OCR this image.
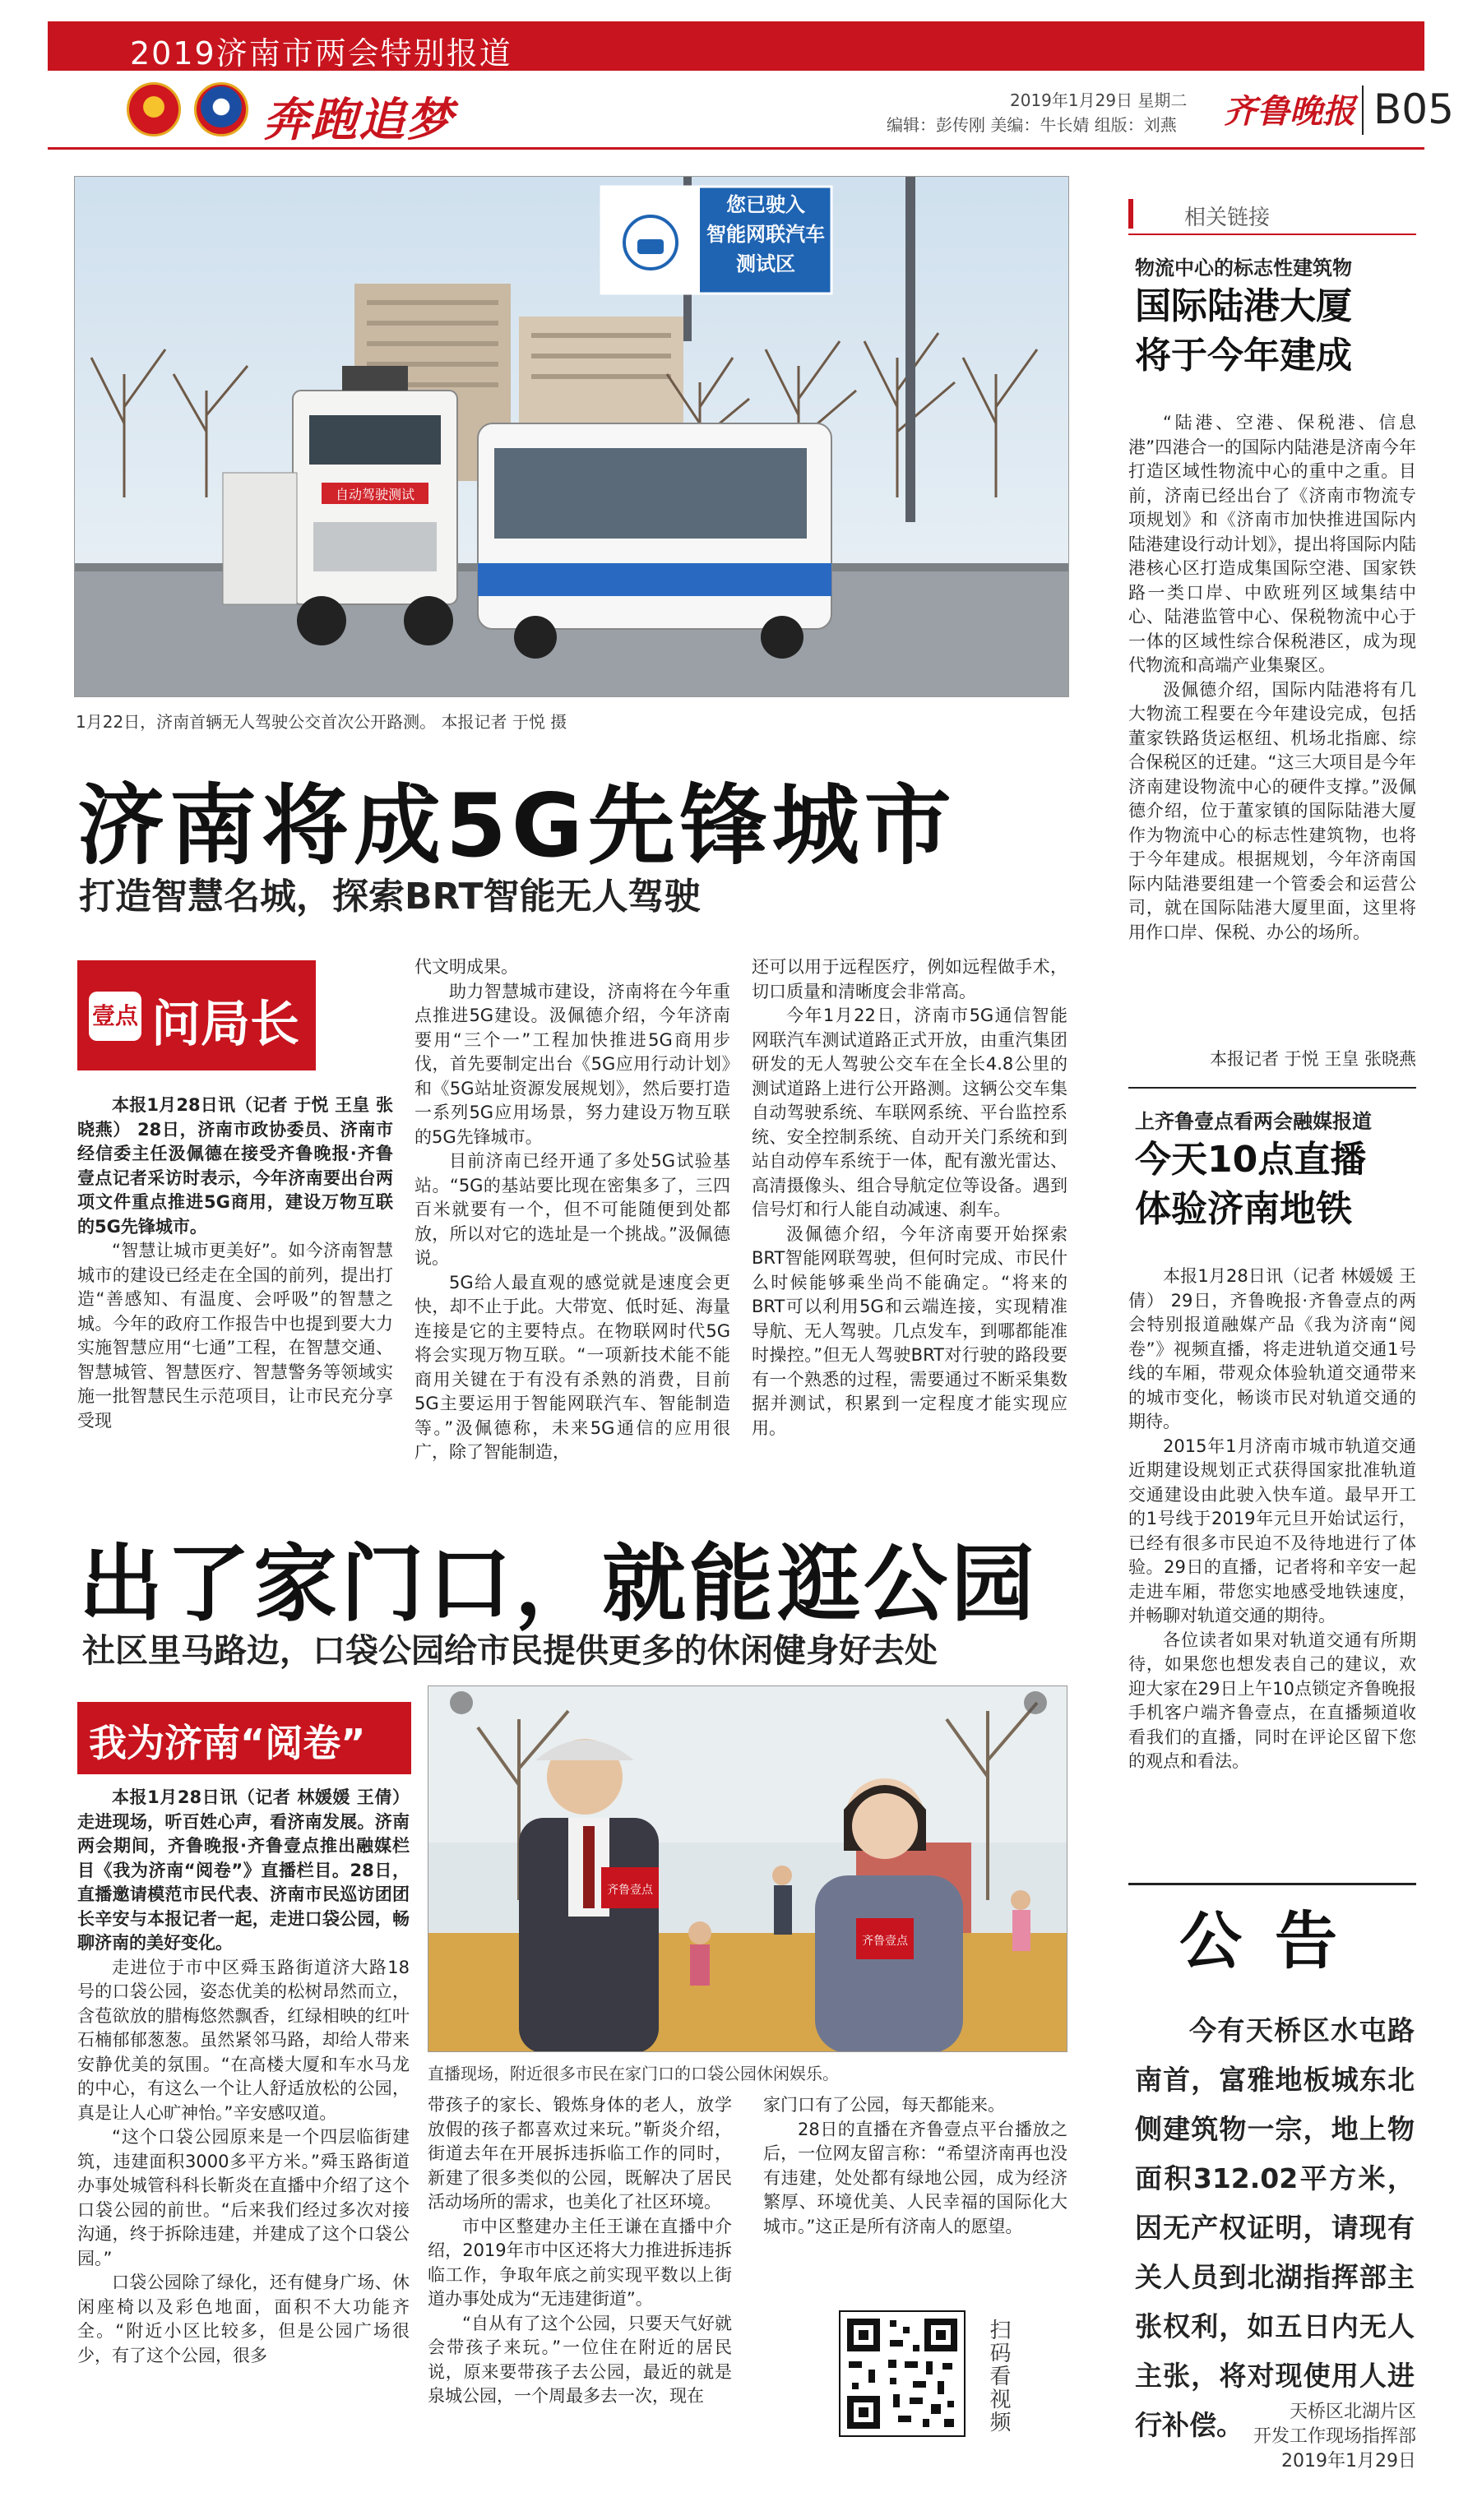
2019济南市两会特别报道
奔跑追梦	2019年1月29日 星期二
编辑：彭传刚 美编：牛长婧 组版：刘燕 齐鲁晚报 B05
您已驶入
智能网联汽车
测试区
自动驾驶测试
1月22日，济南首辆无人驾驶公交首次公开路测。 本报记者 于悦 摄
济南将成5G先锋城市
打造智慧名城，探索BRT智能无人驾驶
壹点 问局长

本报1月28日讯（记者 于悦 王皇 张晓燕） 28日，济南市政协委员、济南市经信委主任汲佩德在接受齐鲁晚报·齐鲁壹点记者采访时表示，今年济南要出台两项文件重点推进5G商用，建设万物互联的5G先锋城市。

“智慧让城市更美好”。如今济南智慧城市的建设已经走在全国的前列，提出打造“善感知、有温度、会呼吸”的智慧之城。今年的政府工作报告中也提到要大力实施智慧应用“七通”工程，在智慧交通、智慧城管、智慧医疗、智慧警务等领域实施一批智慧民生示范项目，让市民充分享受现

代文明成果。

助力智慧城市建设，济南将在今年重点推进5G建设。汲佩德介绍，今年济南要用“三个一”工程加快推进5G商用步伐，首先要制定出台《5G应用行动计划》和《5G站址资源发展规划》，然后要打造一系列5G应用场景，努力建设万物互联的5G先锋城市。

目前济南已经开通了多处5G试验基站。“5G的基站要比现在密集多了，三四百米就要有一个，但不可能随便到处都放，所以对它的选址是一个挑战。”汲佩德说。

5G给人最直观的感觉就是速度会更快，却不止于此。大带宽、低时延、海量连接是它的主要特点。在物联网时代5G将会实现万物互联。“一项新技术能不能商用关键在于有没有杀熟的消费，目前5G主要运用于智能网联汽车、智能制造等。”汲佩德称，未来5G通信的应用很广，除了智能制造，

还可以用于远程医疗，例如远程做手术，切口质量和清晰度会非常高。

今年1月22日，济南市5G通信智能网联汽车测试道路正式开放，由重汽集团研发的无人驾驶公交车在全长4.8公里的测试道路上进行公开路测。这辆公交车集自动驾驶系统、车联网系统、平台监控系统、安全控制系统、自动开关门系统和到站自动停车系统于一体，配有激光雷达、高清摄像头、组合导航定位等设备。遇到信号灯和行人能自动减速、刹车。

汲佩德介绍，今年济南要开始探索BRT智能网联驾驶，但何时完成、市民什么时候能够乘坐尚不能确定。“将来的BRT可以利用5G和云端连接，实现精准导航、无人驾驶。几点发车，到哪都能准时操控。”但无人驾驶BRT对行驶的路段要有一个熟悉的过程，需要通过不断采集数据并测试，积累到一定程度才能实现应用。

出了家门口，就能逛公园
社区里马路边，口袋公园给市民提供更多的休闲健身好去处
我为济南“阅卷”

本报1月28日讯（记者 林媛媛 王倩） 走进现场，听百姓心声，看济南发展。济南两会期间，齐鲁晚报·齐鲁壹点推出融媒栏目《我为济南“阅卷”》直播栏目。28日，直播邀请模范市民代表、济南市民巡访团团长辛安与本报记者一起，走进口袋公园，畅聊济南的美好变化。

走进位于市中区舜玉路街道济大路18号的口袋公园，姿态优美的松树昂然而立，含苞欲放的腊梅悠然飘香，红绿相映的红叶石楠郁郁葱葱。虽然紧邻马路，却给人带来安静优美的氛围。“在高楼大厦和车水马龙的中心，有这么一个让人舒适放松的公园，真是让人心旷神怡。”辛安感叹道。

“这个口袋公园原来是一个四层临街建筑，违建面积3000多平方米。”舜玉路街道办事处城管科科长靳炎在直播中介绍了这个口袋公园的前世。“后来我们经过多次对接沟通，终于拆除违建，并建成了这个口袋公园。”

口袋公园除了绿化，还有健身广场、休闲座椅以及彩色地面，面积不大功能齐全。“附近小区比较多，但是公园广场很少，有了这个公园，很多

齐鲁壹点
齐鲁壹点
直播现场，附近很多市民在家门口的口袋公园休闲娱乐。

带孩子的家长、锻炼身体的老人，放学放假的孩子都喜欢过来玩。”靳炎介绍，街道去年在开展拆违拆临工作的同时，新建了很多类似的公园，既解决了居民活动场所的需求，也美化了社区环境。

市中区整建办主任王谦在直播中介绍，2019年市中区还将大力推进拆违拆临工作，争取年底之前实现平数以上街道办事处成为“无违建街道”。

“自从有了这个公园，只要天气好就会带孩子来玩。”一位住在附近的居民说，原来要带孩子去公园，最近的就是泉城公园，一个周最多去一次，现在

家门口有了公园，每天都能来。

28日的直播在齐鲁壹点平台播放之后，一位网友留言称：“希望济南再也没有违建，处处都有绿地公园，成为经济繁厚、环境优美、人民幸福的国际化大城市。”这正是所有济南人的愿望。

扫码看视频
相关链接
物流中心的标志性建筑物
国际陆港大厦
将于今年建成

“陆港、空港、保税港、信息港”四港合一的国际内陆港是济南今年打造区域性物流中心的重中之重。目前，济南已经出台了《济南市物流专项规划》和《济南市加快推进国际内陆港建设行动计划》，提出将国际内陆港核心区打造成集国际空港、国家铁路一类口岸、中欧班列区域集结中心、陆港监管中心、保税物流中心于一体的区域性综合保税港区，成为现代物流和高端产业集聚区。

汲佩德介绍，国际内陆港将有几大物流工程要在今年建设完成，包括董家铁路货运枢纽、机场北指廊、综合保税区的迁建。“这三大项目是今年济南建设物流中心的硬件支撑。”汲佩德介绍，位于董家镇的国际陆港大厦作为物流中心的标志性建筑物，也将于今年建成。根据规划，今年济南国际内陆港要组建一个管委会和运营公司，就在国际陆港大厦里面，这里将用作口岸、保税、办公的场所。

本报记者 于悦 王皇 张晓燕
上齐鲁壹点看两会融媒报道
今天10点直播
体验济南地铁

本报1月28日讯（记者 林媛媛 王倩） 29日，齐鲁晚报·齐鲁壹点的两会特别报道融媒产品《我为济南“阅卷”》视频直播，将走进轨道交通1号线的车厢，带观众体验轨道交通带来的城市变化，畅谈市民对轨道交通的期待。

2015年1月济南市城市轨道交通近期建设规划正式获得国家批准轨道交通建设由此驶入快车道。最早开工的1号线于2019年元旦开始试运行，已经有很多市民迫不及待地进行了体验。29日的直播，记者将和辛安一起走进车厢，带您实地感受地铁速度，并畅聊对轨道交通的期待。

各位读者如果对轨道交通有所期待，如果您也想发表自己的建议，欢迎大家在29日上午10点锁定齐鲁晚报手机客户端齐鲁壹点，在直播频道收看我们的直播，同时在评论区留下您的观点和看法。

公告
今有天桥区水屯路南首，富雅地板城东北侧建筑物一宗，地上物面积312.02平方米，因无产权证明，请现有关人员到北湖指挥部主张权利，如五日内无人主张，将对现使用人进行补偿。	天桥区北湖片区
开发工作现场指挥部
2019年1月29日
